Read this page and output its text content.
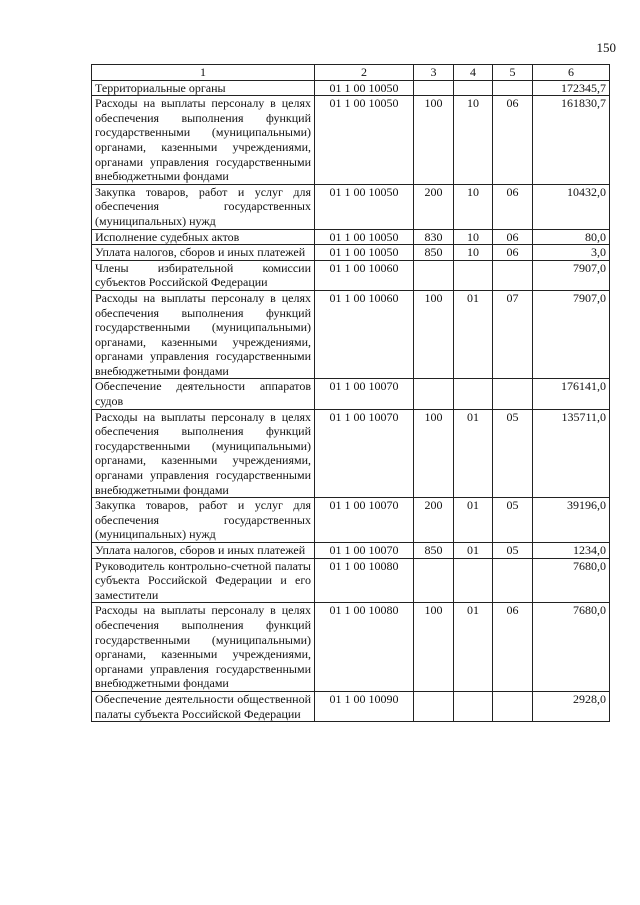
150
1	2	3	4	5	6
Территориальные органы	01 1 00 10050				172345,7
Расходы на выплаты персоналу в целях обеспечения выполнения функций государственными (муниципальными) органами, казенными учреждениями, органами управления государственными внебюджетными фондами	01 1 00 10050	100	10	06	161830,7
Закупка товаров, работ и услуг для обеспечения государственных (муниципальных) нужд	01 1 00 10050	200	10	06	10432,0
Исполнение судебных актов	01 1 00 10050	830	10	06	80,0
Уплата налогов, сборов и иных платежей	01 1 00 10050	850	10	06	3,0
Члены избирательной комиссии субъектов Российской Федерации	01 1 00 10060				7907,0
Расходы на выплаты персоналу в целях обеспечения выполнения функций государственными (муниципальными) органами, казенными учреждениями, органами управления государственными внебюджетными фондами	01 1 00 10060	100	01	07	7907,0
Обеспечение деятельности аппаратов судов	01 1 00 10070				176141,0
Расходы на выплаты персоналу в целях обеспечения выполнения функций государственными (муниципальными) органами, казенными учреждениями, органами управления государственными внебюджетными фондами	01 1 00 10070	100	01	05	135711,0
Закупка товаров, работ и услуг для обеспечения государственных (муниципальных) нужд	01 1 00 10070	200	01	05	39196,0
Уплата налогов, сборов и иных платежей	01 1 00 10070	850	01	05	1234,0
Руководитель контрольно-счетной палаты субъекта Российской Федерации и его заместители	01 1 00 10080				7680,0
Расходы на выплаты персоналу в целях обеспечения выполнения функций государственными (муниципальными) органами, казенными учреждениями, органами управления государственными внебюджетными фондами	01 1 00 10080	100	01	06	7680,0
Обеспечение деятельности общественной палаты субъекта Российской Федерации	01 1 00 10090				2928,0
